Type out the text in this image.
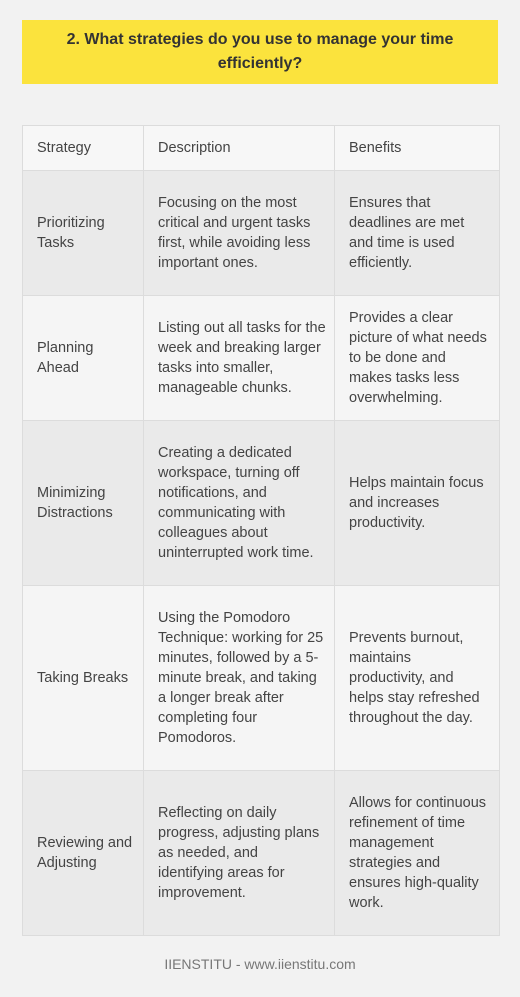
2. What strategies do you use to manage your time efficiently?
Strategy	Description	Benefits
Prioritizing Tasks	Focusing on the most critical and urgent tasks first, while avoiding less important ones.	Ensures that deadlines are met and time is used efficiently.
Planning Ahead	Listing out all tasks for the week and breaking larger tasks into smaller, manageable chunks.	Provides a clear picture of what needs to be done and makes tasks less overwhelming.
Minimizing Distractions	Creating a dedicated workspace, turning off notifications, and communicating with colleagues about uninterrupted work time.	Helps maintain focus and increases productivity.
Taking Breaks	Using the Pomodoro Technique: working for 25 minutes, followed by a 5-minute break, and taking a longer break after completing four Pomodoros.	Prevents burnout, maintains productivity, and helps stay refreshed throughout the day.
Reviewing and Adjusting	Reflecting on daily progress, adjusting plans as needed, and identifying areas for improvement.	Allows for continuous refinement of time management strategies and ensures high-quality work.
IIENSTITU - www.iienstitu.com
